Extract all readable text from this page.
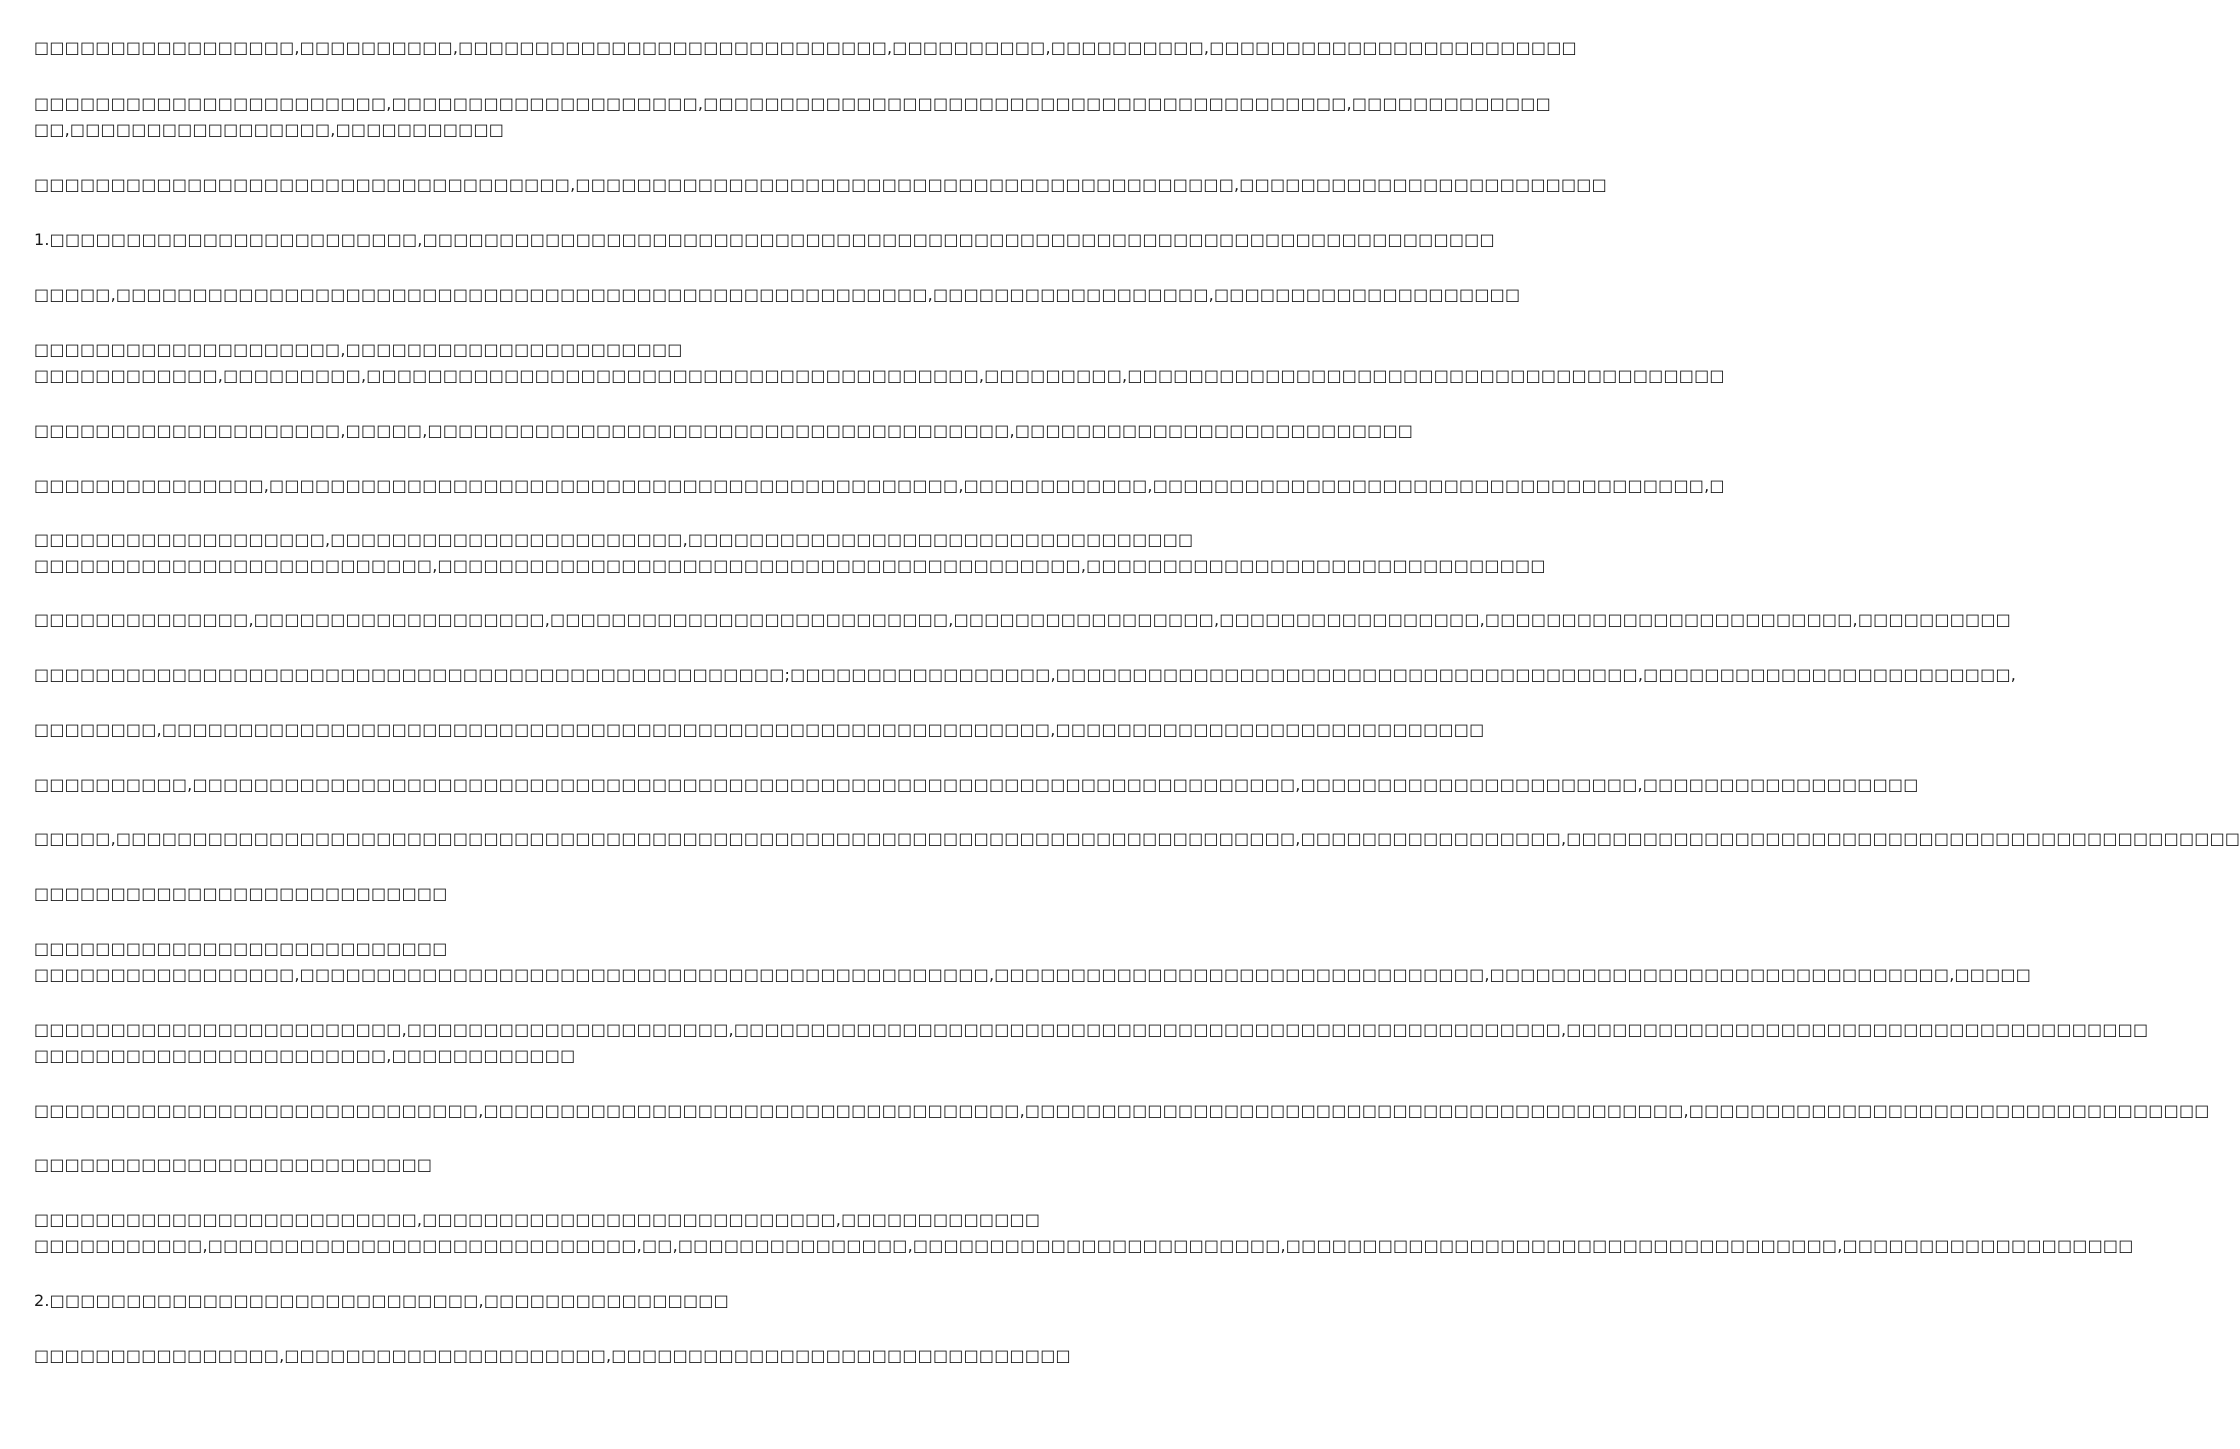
□□□□□□□□□□□□□□□□□,□□□□□□□□□□,□□□□□□□□□□□□□□□□□□□□□□□□□□□□,□□□□□□□□□□,□□□□□□□□□□,□□□□□□□□□□□□□□□□□□□□□□□□
□□□□□□□□□□□□□□□□□□□□□□□,□□□□□□□□□□□□□□□□□□□□,□□□□□□□□□□□□□□□□□□□□□□□□□□□□□□□□□□□□□□□□□□,□□□□□□□□□□□□□
□□,□□□□□□□□□□□□□□□□□,□□□□□□□□□□□
□□□□□□□□□□□□□□□□□□□□□□□□□□□□□□□□□□□,□□□□□□□□□□□□□□□□□□□□□□□□□□□□□□□□□□□□□□□□□□□,□□□□□□□□□□□□□□□□□□□□□□□□
1.□□□□□□□□□□□□□□□□□□□□□□□□,□□□□□□□□□□□□□□□□□□□□□□□□□□□□□□□□□□□□□□□□□□□□□□□□□□□□□□□□□□□□□□□□□□□□□□
□□□□□,□□□□□□□□□□□□□□□□□□□□□□□□□□□□□□□□□□□□□□□□□□□□□□□□□□□□□,□□□□□□□□□□□□□□□□□□,□□□□□□□□□□□□□□□□□□□□
□□□□□□□□□□□□□□□□□□□□,□□□□□□□□□□□□□□□□□□□□□□
□□□□□□□□□□□□,□□□□□□□□□,□□□□□□□□□□□□□□□□□□□□□□□□□□□□□□□□□□□□□□□□,□□□□□□□□□,□□□□□□□□□□□□□□□□□□□□□□□□□□□□□□□□□□□□□□□
□□□□□□□□□□□□□□□□□□□□,□□□□□,□□□□□□□□□□□□□□□□□□□□□□□□□□□□□□□□□□□□□□,□□□□□□□□□□□□□□□□□□□□□□□□□□
□□□□□□□□□□□□□□□,□□□□□□□□□□□□□□□□□□□□□□□□□□□□□□□□□□□□□□□□□□□□□,□□□□□□□□□□□□,□□□□□□□□□□□□□□□□□□□□□□□□□□□□□□□□□□□□,□
□□□□□□□□□□□□□□□□□□□,□□□□□□□□□□□□□□□□□□□□□□□,□□□□□□□□□□□□□□□□□□□□□□□□□□□□□□□□□
□□□□□□□□□□□□□□□□□□□□□□□□□□,□□□□□□□□□□□□□□□□□□□□□□□□□□□□□□□□□□□□□□□□□□,□□□□□□□□□□□□□□□□□□□□□□□□□□□□□□
□□□□□□□□□□□□□□,□□□□□□□□□□□□□□□□□□□,□□□□□□□□□□□□□□□□□□□□□□□□□□,□□□□□□□□□□□□□□□□□,□□□□□□□□□□□□□□□□□,□□□□□□□□□□□□□□□□□□□□□□□□,□□□□□□□□□□
□□□□□□□□□□□□□□□□□□□□□□□□□□□□□□□□□□□□□□□□□□□□□□□□□;□□□□□□□□□□□□□□□□□,□□□□□□□□□□□□□□□□□□□□□□□□□□□□□□□□□□□□□□,□□□□□□□□□□□□□□□□□□□□□□□□,
□□□□□□□□,□□□□□□□□□□□□□□□□□□□□□□□□□□□□□□□□□□□□□□□□□□□□□□□□□□□□□□□□□□,□□□□□□□□□□□□□□□□□□□□□□□□□□□□
□□□□□□□□□□,□□□□□□□□□□□□□□□□□□□□□□□□□□□□□□□□□□□□□□□□□□□□□□□□□□□□□□□□□□□□□□□□□□□□□□□□,□□□□□□□□□□□□□□□□□□□□□□,□□□□□□□□□□□□□□□□□□
□□□□□,□□□□□□□□□□□□□□□□□□□□□□□□□□□□□□□□□□□□□□□□□□□□□□□□□□□□□□□□□□□□□□□□□□□□□□□□□□□□□,□□□□□□□□□□□□□□□□□,□□□□□□□□□□□□□□□□□□□□□□□□□□□□□□□□□□□□□□□□□□□□
□□□□□□□□□□□□□□□□□□□□□□□□□□□
□□□□□□□□□□□□□□□□□□□□□□□□□□□
□□□□□□□□□□□□□□□□□,□□□□□□□□□□□□□□□□□□□□□□□□□□□□□□□□□□□□□□□□□□□□□,□□□□□□□□□□□□□□□□□□□□□□□□□□□□□□□□,□□□□□□□□□□□□□□□□□□□□□□□□□□□□□□,□□□□□
□□□□□□□□□□□□□□□□□□□□□□□□,□□□□□□□□□□□□□□□□□□□□□,□□□□□□□□□□□□□□□□□□□□□□□□□□□□□□□□□□□□□□□□□□□□□□□□□□□□□□,□□□□□□□□□□□□□□□□□□□□□□□□□□□□□□□□□□□□□□
□□□□□□□□□□□□□□□□□□□□□□□,□□□□□□□□□□□□
□□□□□□□□□□□□□□□□□□□□□□□□□□□□□,□□□□□□□□□□□□□□□□□□□□□□□□□□□□□□□□□□□,□□□□□□□□□□□□□□□□□□□□□□□□□□□□□□□□□□□□□□□□□□□,□□□□□□□□□□□□□□□□□□□□□□□□□□□□□□□□□□
□□□□□□□□□□□□□□□□□□□□□□□□□□
□□□□□□□□□□□□□□□□□□□□□□□□□,□□□□□□□□□□□□□□□□□□□□□□□□□□□,□□□□□□□□□□□□□
□□□□□□□□□□□,□□□□□□□□□□□□□□□□□□□□□□□□□□□□,□□,□□□□□□□□□□□□□□□,□□□□□□□□□□□□□□□□□□□□□□□□,□□□□□□□□□□□□□□□□□□□□□□□□□□□□□□□□□□□□,□□□□□□□□□□□□□□□□□□□
2.□□□□□□□□□□□□□□□□□□□□□□□□□□□□,□□□□□□□□□□□□□□□□
□□□□□□□□□□□□□□□□,□□□□□□□□□□□□□□□□□□□□□,□□□□□□□□□□□□□□□□□□□□□□□□□□□□□□
